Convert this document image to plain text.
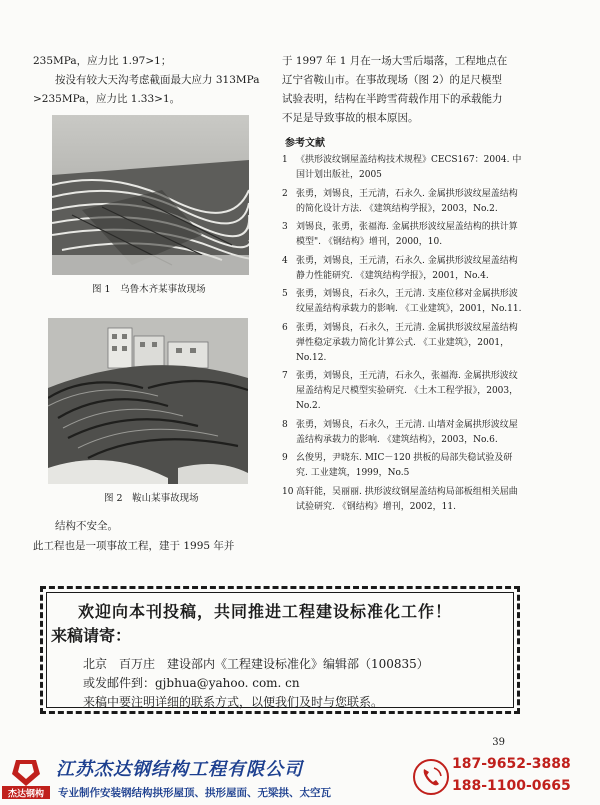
235MPa，应力比 1.97>1；
按没有较大天沟考虑截面最大应力 313MPa
>235MPa，应力比 1.33>1。
图 1　乌鲁木齐某事故现场
图 2　鞍山某事故现场
结构不安全。
此工程也是一项事故工程，建于 1995 年并
于 1997 年 1 月在一场大雪后塌落，工程地点在
辽宁省鞍山市。在事故现场（图 2）的足尺模型
试验表明，结构在半跨雪荷载作用下的承载能力
不足是导致事故的根本原因。
参考文献
1 《拱形波纹钢屋盖结构技术规程》CECS167：2004. 中国计划出版社，2005
2 张勇，刘锡良，王元清，石永久. 金属拱形波纹屋盖结构的简化设计方法. 《建筑结构学报》，2003，No.2.
3 刘锡良，张勇，张福海. 金属拱形波纹屋盖结构的拱计算模型". 《钢结构》增刊，2000，10.
4 张勇，刘锡良，王元清，石永久. 金属拱形波纹屋盖结构静力性能研究. 《建筑结构学报》，2001，No.4.
5 张勇，刘锡良，石永久，王元清. 支座位移对金属拱形波纹屋盖结构承载力的影响. 《工业建筑》，2001，No.11.
6 张勇，刘锡良，石永久，王元清. 金属拱形波纹屋盖结构弹性稳定承载力简化计算公式. 《工业建筑》，2001，No.12.
7 张勇，刘锡良，王元清，石永久，张福海. 金属拱形波纹屋盖结构足尺模型实验研究. 《土木工程学报》，2003，No.2.
8 张勇，刘锡良，石永久，王元清. 山墙对金属拱形波纹屋盖结构承载力的影响. 《建筑结构》，2003，No.6.
9 幺俊男，尹晓东. MIC－120 拱板的局部失稳试验及研究. 工业建筑，1999，No.5
10 高轩能，吴丽丽. 拱形波纹钢屋盖结构局部板组相关屈曲试验研究. 《钢结构》增刊，2002，11.
欢迎向本刊投稿，共同推进工程建设标准化工作！
来稿请寄：
北京　百万庄　建设部内《工程建设标准化》编辑部（100835）
或发邮件到：gjbhua@yahoo. com. cn
来稿中要注明详细的联系方式，以便我们及时与您联系。
39
杰达钢构
江苏杰达钢结构工程有限公司
专业制作安装钢结构拱形屋顶、拱形屋面、无梁拱、太空瓦
187-9652-3888
188-1100-0665
